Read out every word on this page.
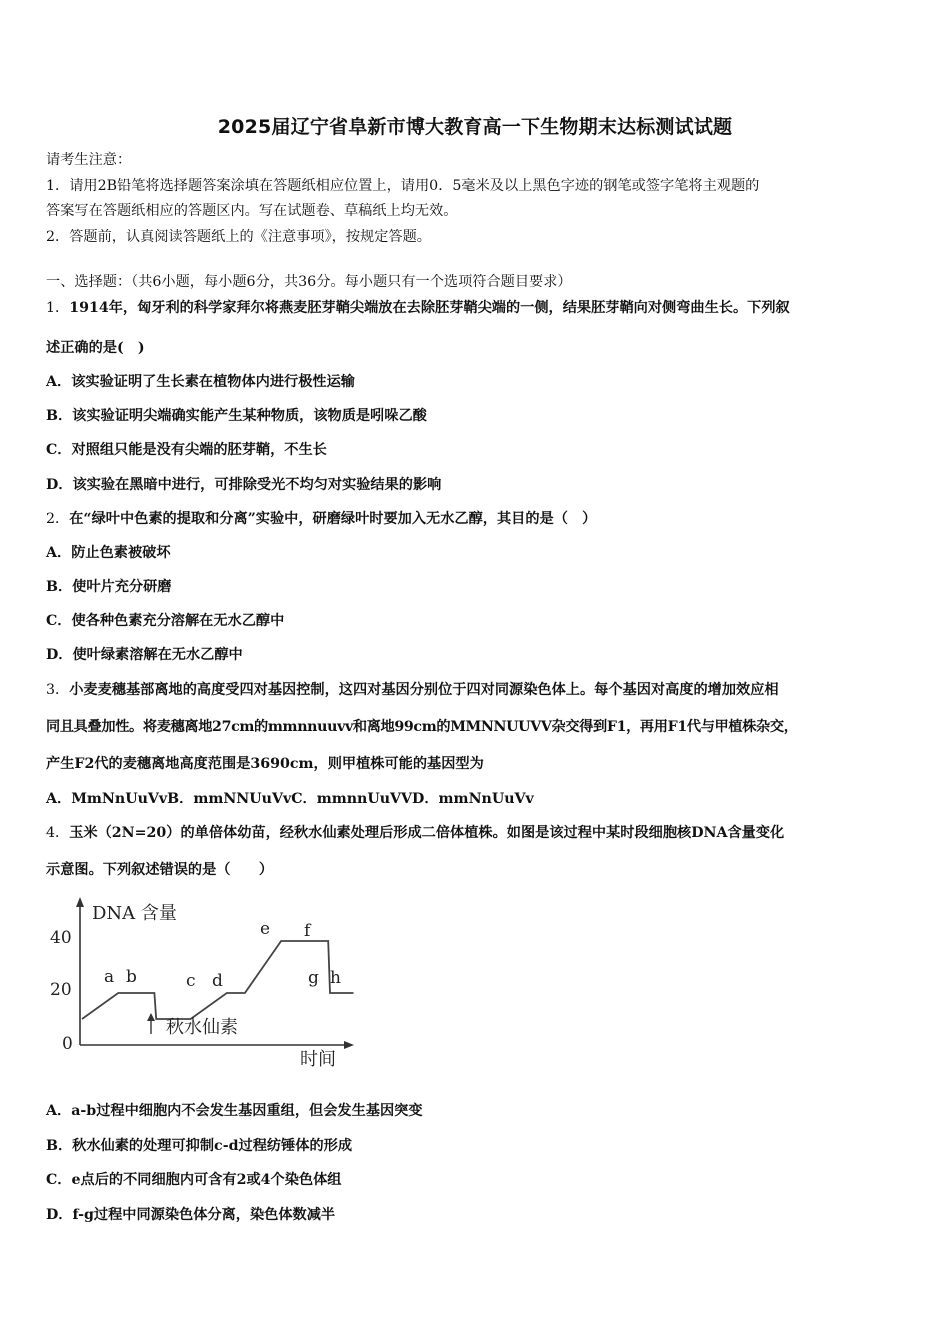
2025届辽宁省阜新市博大教育高一下生物期末达标测试试题
请考生注意：
1．请用2B铅笔将选择题答案涂填在答题纸相应位置上，请用0．5毫米及以上黑色字迹的钢笔或签字笔将主观题的
答案写在答题纸相应的答题区内。写在试题卷、草稿纸上均无效。
2．答题前，认真阅读答题纸上的《注意事项》，按规定答题。
一、选择题：（共6小题，每小题6分，共36分。每小题只有一个选项符合题目要求）
1．1914年，匈牙利的科学家拜尔将燕麦胚芽鞘尖端放在去除胚芽鞘尖端的一侧，结果胚芽鞘向对侧弯曲生长。下列叙
述正确的是(　)
A．该实验证明了生长素在植物体内进行极性运输
B．该实验证明尖端确实能产生某种物质，该物质是吲哚乙酸
C．对照组只能是没有尖端的胚芽鞘，不生长
D．该实验在黑暗中进行，可排除受光不均匀对实验结果的影响
2．在“绿叶中色素的提取和分离”实验中，研磨绿叶时要加入无水乙醇，其目的是（　）
A．防止色素被破坏
B．使叶片充分研磨
C．使各种色素充分溶解在无水乙醇中
D．使叶绿素溶解在无水乙醇中
3．小麦麦穗基部离地的高度受四对基因控制，这四对基因分别位于四对同源染色体上。每个基因对高度的增加效应相
同且具叠加性。将麦穗离地27cm的mmnnuuvv和离地99cm的MMNNUUVV杂交得到F1，再用F1代与甲植株杂交，
产生F2代的麦穗离地高度范围是3690cm，则甲植株可能的基因型为
A．MmNnUuVvB．mmNNUuVvC．mmnnUuVVD．mmNnUuVv
4．玉米（2N=20）的单倍体幼苗，经秋水仙素处理后形成二倍体植株。如图是该过程中某时段细胞核DNA含量变化
示意图。下列叙述错误的是（　　）
DNA 含量
时间
40
20
0
a b	c d
e f
g h
秋水仙素
A．a-b过程中细胞内不会发生基因重组，但会发生基因突变
B．秋水仙素的处理可抑制c-d过程纺锤体的形成
C．e点后的不同细胞内可含有2或4个染色体组
D．f-g过程中同源染色体分离，染色体数减半
